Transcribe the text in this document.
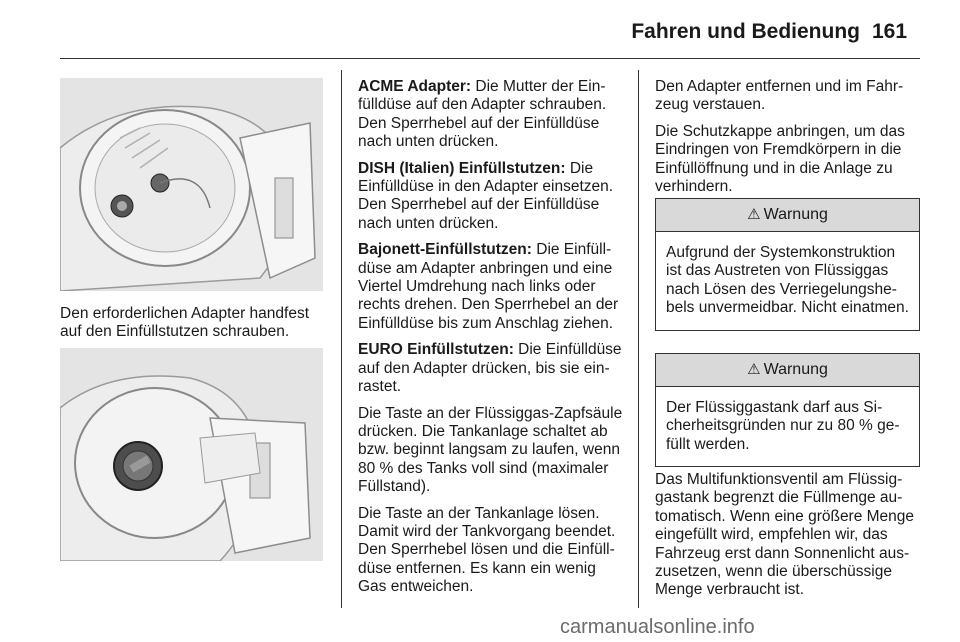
Fahren und Bedienung 161

Den erforderlichen Adapter handfest auf den Einfüllstutzen schrauben.

ACME Adapter: Die Mutter der Einfülldüse auf den Adapter schrauben. Den Sperrhebel auf der Einfülldüse nach unten drücken.

DISH (Italien) Einfüllstutzen: Die Einfülldüse in den Adapter einsetzen. Den Sperrhebel auf der Einfülldüse nach unten drücken.

Bajonett-Einfüllstutzen: Die Einfülldüse am Adapter anbringen und eine Viertel Umdrehung nach links oder rechts drehen. Den Sperrhebel an der Einfülldüse bis zum Anschlag ziehen.

EURO Einfüllstutzen: Die Einfülldüse auf den Adapter drücken, bis sie einrastet.

Die Taste an der Flüssiggas-Zapfsäule drücken. Die Tankanlage schaltet ab bzw. beginnt langsam zu laufen, wenn 80 % des Tanks voll sind (maximaler Füllstand).

Die Taste an der Tankanlage lösen. Damit wird der Tankvorgang beendet. Den Sperrhebel lösen und die Einfülldüse entfernen. Es kann ein wenig Gas entweichen.

Den Adapter entfernen und im Fahrzeug verstauen.

Die Schutzkappe anbringen, um das Eindringen von Fremdkörpern in die Einfüllöffnung und in die Anlage zu verhindern.

⚠ Warnung
Aufgrund der Systemkonstruktion ist das Austreten von Flüssiggas nach Lösen des Verriegelungshebels unvermeidbar. Nicht einatmen.
⚠ Warnung
Der Flüssiggastank darf aus Sicherheitsgründen nur zu 80 % gefüllt werden.

Das Multifunktionsventil am Flüssiggastank begrenzt die Füllmenge automatisch. Wenn eine größere Menge eingefüllt wird, empfehlen wir, das Fahrzeug erst dann Sonnenlicht auszusetzen, wenn die überschüssige Menge verbraucht ist.

carmanualsonline.info
